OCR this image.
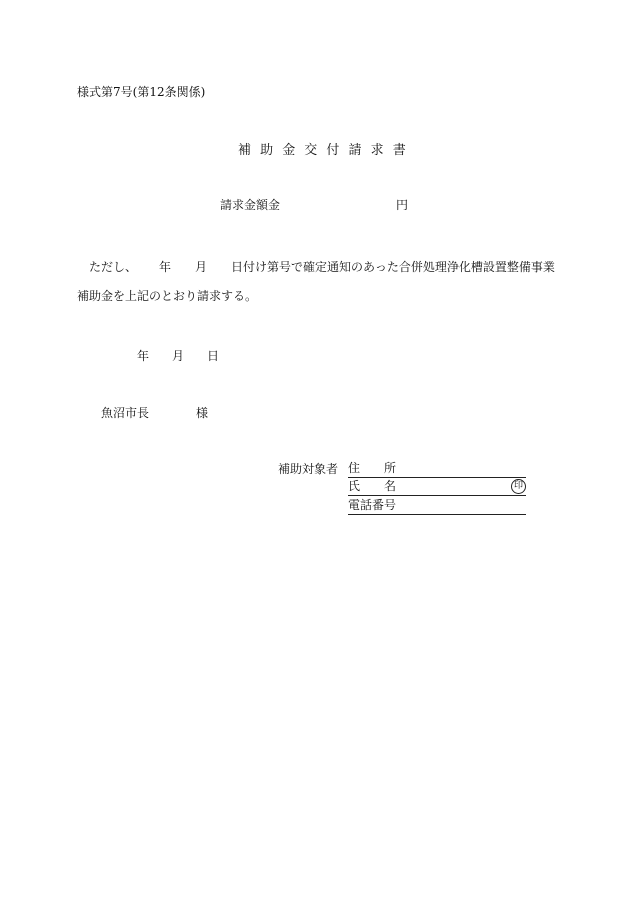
様式第7号(第12条関係)
補助金交付請求書
請求金額金	円
ただし、 年 月 日付け第号で確定通知のあった合併処理浄化槽設置整備事業
補助金を上記のとおり請求する。
年 月 日
魚沼市長	様
補助対象者 住　　所
氏　　名	印
電話番号
